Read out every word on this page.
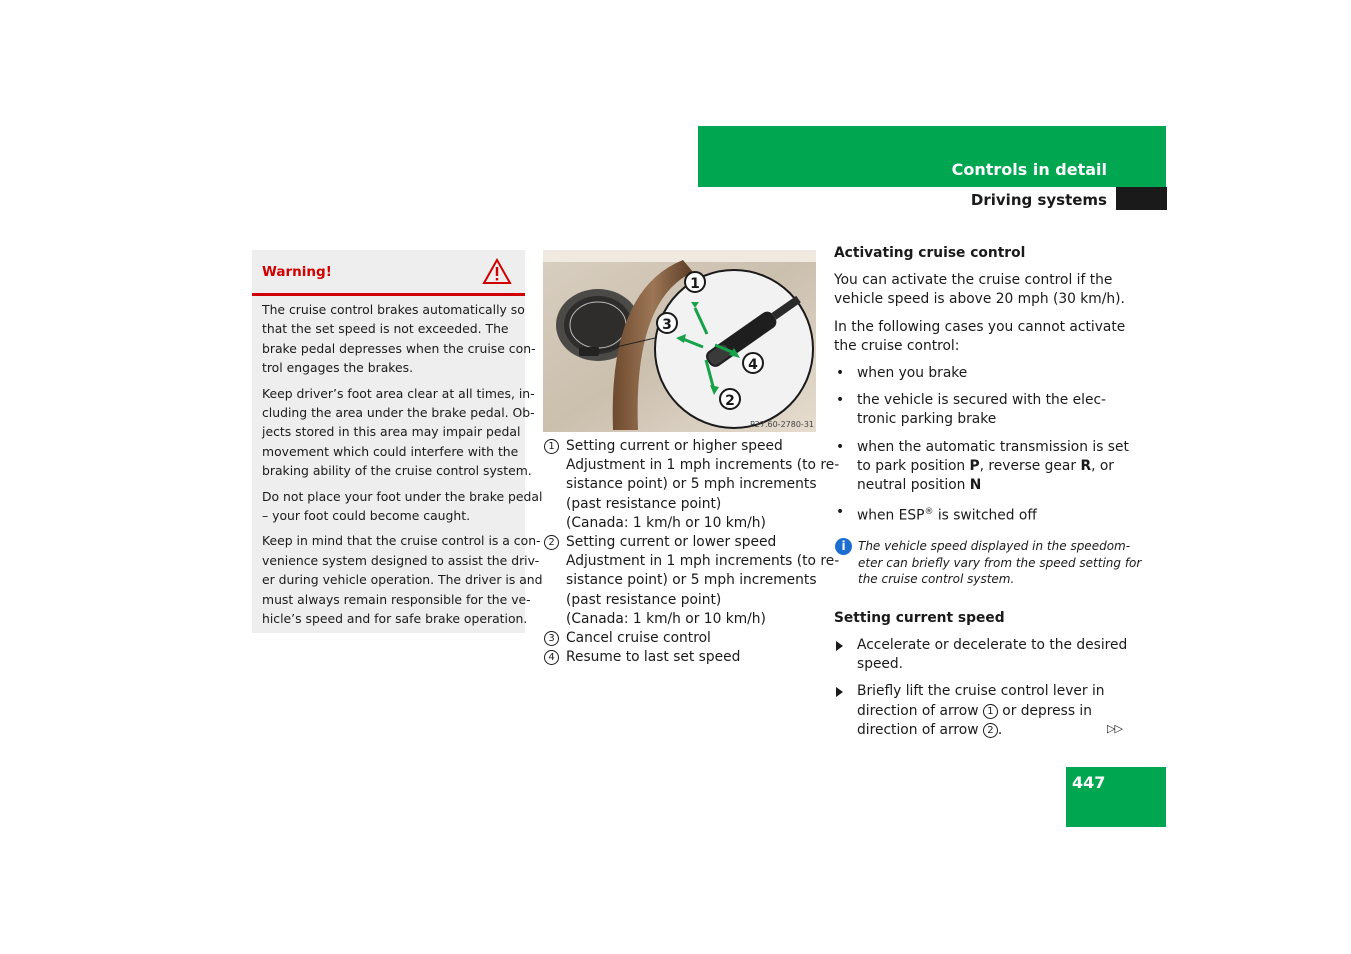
Controls in detail
Driving systems
Warning!

The cruise control brakes automatically so
that the set speed is not exceeded. The
brake pedal depresses when the cruise con-
trol engages the brakes.

Keep driver’s foot area clear at all times, in-
cluding the area under the brake pedal. Ob-
jects stored in this area may impair pedal
movement which could interfere with the
braking ability of the cruise control system.

Do not place your foot under the brake pedal
– your foot could become caught.

Keep in mind that the cruise control is a con-
venience system designed to assist the driv-
er during vehicle operation. The driver is and
must always remain responsible for the ve-
hicle’s speed and for safe brake operation.

1
2
3
4
P27.60-2780-31
1 Setting current or higher speed
Adjustment in 1 mph increments (to re-
sistance point) or 5 mph increments
(past resistance point)
(Canada: 1 km/h or 10 km/h)
2 Setting current or lower speed
Adjustment in 1 mph increments (to re-
sistance point) or 5 mph increments
(past resistance point)
(Canada: 1 km/h or 10 km/h)
3 Cancel cruise control
4 Resume to last set speed

Activating cruise control

You can activate the cruise control if the
vehicle speed is above 20 mph (30 km/h).
In the following cases you cannot activate
the cruise control:
• when you brake
• the vehicle is secured with the elec-
tronic parking brake
• when the automatic transmission is set
to park position P, reverse gear R, or
neutral position N
• when ESP® is switched off
i	The vehicle speed displayed in the speedom-
eter can briefly vary from the speed setting for
the cruise control system.

Setting current speed

Accelerate or decelerate to the desired
speed.
Briefly lift the cruise control lever in
direction of arrow 1 or depress in
direction of arrow 2 .	▷▷
447
